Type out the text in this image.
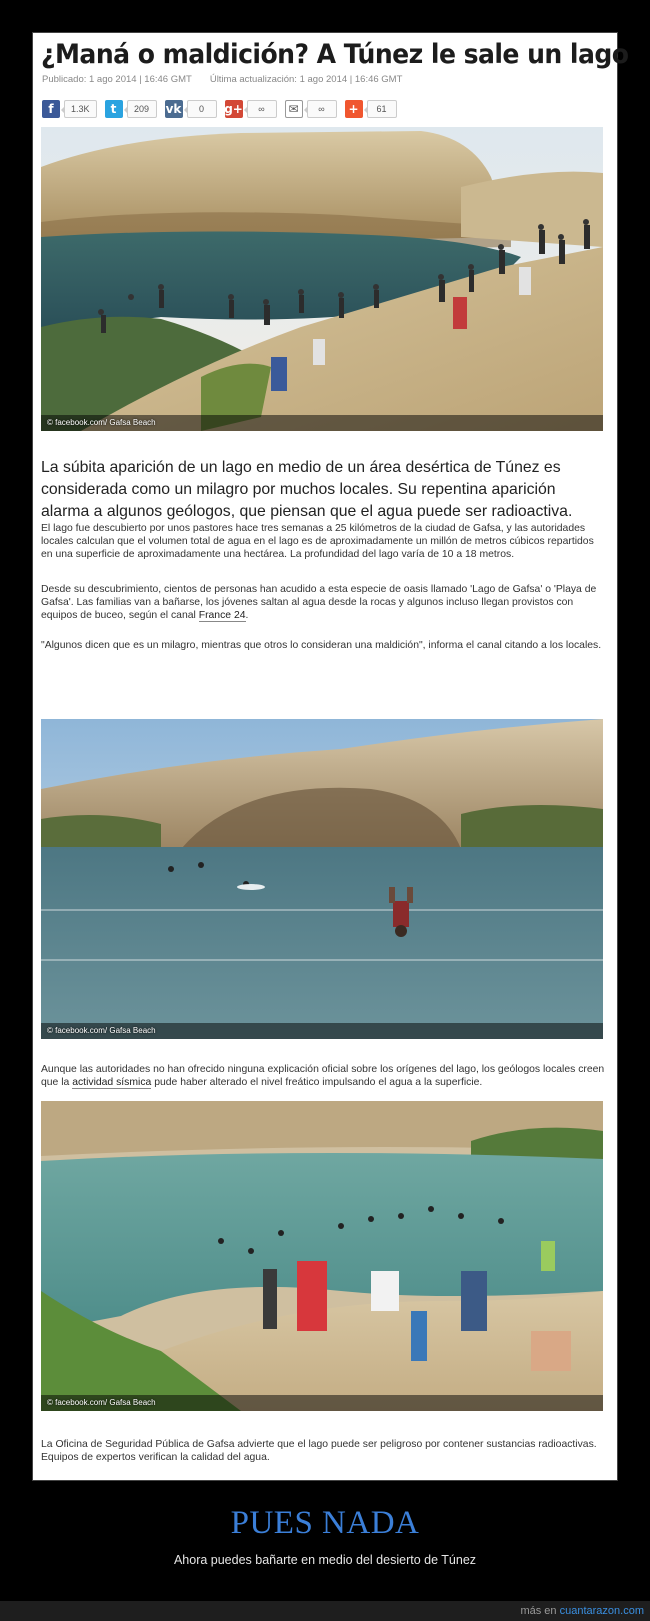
¿Maná o maldición? A Túnez le sale un lago
Publicado: 1 ago 2014 | 16:46 GMT Última actualización: 1 ago 2014 | 16:46 GMT
f	1.3K	t	209	vk	0	g+	∞	✉	∞	+	61
© facebook.com/ Gafsa Beach

La súbita aparición de un lago en medio de un área desértica de Túnez es considerada como un milagro por muchos locales. Su repentina aparición alarma a algunos geólogos, que piensan que el agua puede ser radioactiva.

El lago fue descubierto por unos pastores hace tres semanas a 25 kilómetros de la ciudad de Gafsa, y las autoridades locales calculan que el volumen total de agua en el lago es de aproximadamente un millón de metros cúbicos repartidos en una superficie de aproximadamente una hectárea. La profundidad del lago varía de 10 a 18 metros.

Desde su descubrimiento, cientos de personas han acudido a esta especie de oasis llamado 'Lago de Gafsa' o 'Playa de Gafsa'. Las familias van a bañarse, los jóvenes saltan al agua desde la rocas y algunos incluso llegan provistos con equipos de buceo, según el canal France 24.

"Algunos dicen que es un milagro, mientras que otros lo consideran una maldición", informa el canal citando a los locales.

© facebook.com/ Gafsa Beach

Aunque las autoridades no han ofrecido ninguna explicación oficial sobre los orígenes del lago, los geólogos locales creen que la actividad sísmica pude haber alterado el nivel freático impulsando el agua a la superficie.

© facebook.com/ Gafsa Beach

La Oficina de Seguridad Pública de Gafsa advierte que el lago puede ser peligroso por contener sustancias radioactivas. Equipos de expertos verifican la calidad del agua.

PUES NADA
Ahora puedes bañarte en medio del desierto de Túnez
más en cuantarazon.com
